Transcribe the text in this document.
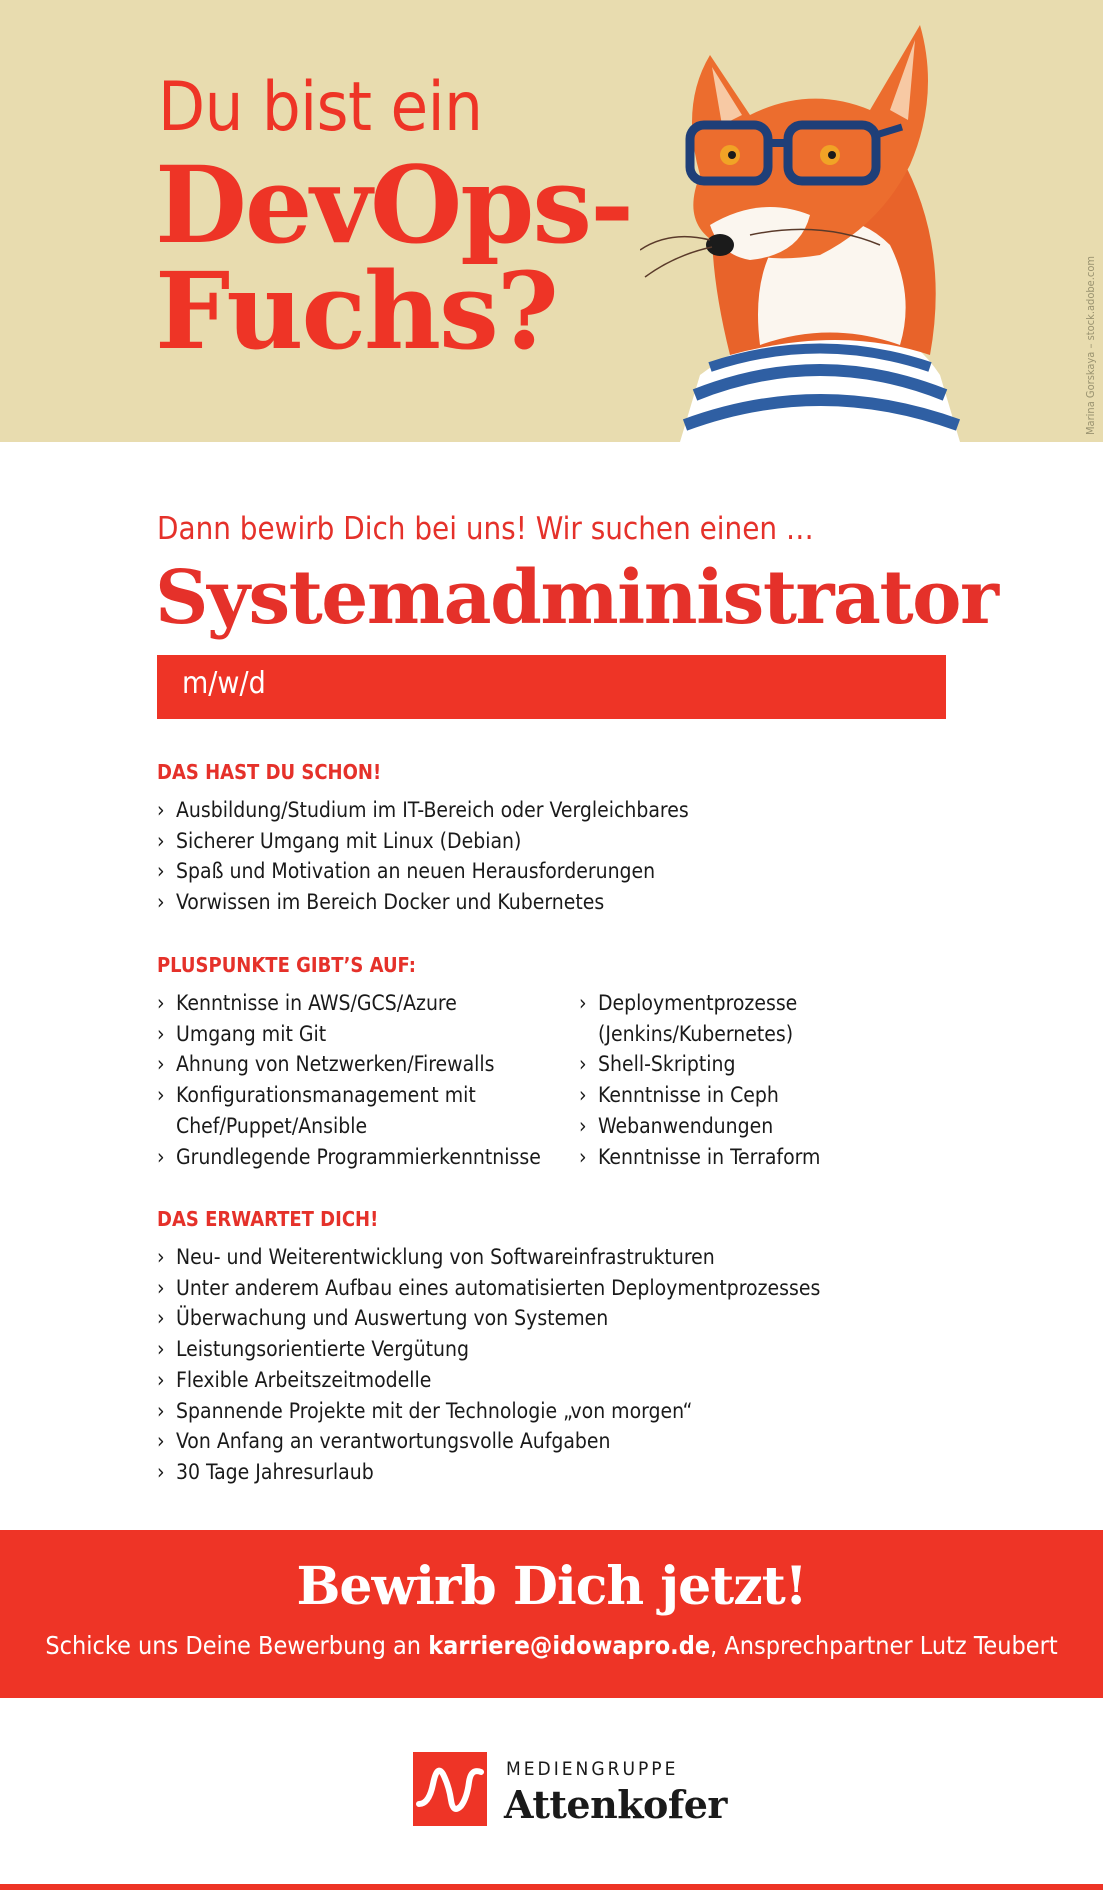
Du bist ein
DevOps-
Fuchs?	Marina Gorskaya – stock.adobe.com
Dann bewirb Dich bei uns! Wir suchen einen …
Systemadministrator
m/w/d
DAS HAST DU SCHON!
› Ausbildung/Studium im IT-Bereich oder Vergleichbares
› Sicherer Umgang mit Linux (Debian)
› Spaß und Motivation an neuen Herausforderungen
› Vorwissen im Bereich Docker und Kubernetes
PLUSPUNKTE GIBT’S AUF:
› Kenntnisse in AWS/GCS/Azure
› Umgang mit Git
› Ahnung von Netzwerken/Firewalls
› Konfigurationsmanagement mit Chef/Puppet/Ansible
› Grundlegende Programmierkenntnisse
› Deploymentprozesse (Jenkins/Kubernetes)
› Shell-Skripting
› Kenntnisse in Ceph
› Webanwendungen
› Kenntnisse in Terraform
DAS ERWARTET DICH!
› Neu- und Weiterentwicklung von Softwareinfrastrukturen
› Unter anderem Aufbau eines automatisierten Deploymentprozesses
› Überwachung und Auswertung von Systemen
› Leistungsorientierte Vergütung
› Flexible Arbeitszeitmodelle
› Spannende Projekte mit der Technologie „von morgen“
› Von Anfang an verantwortungsvolle Aufgaben
› 30 Tage Jahresurlaub
Bewirb Dich jetzt!
Schicke uns Deine Bewerbung an karriere@idowapro.de, Ansprechpartner Lutz Teubert
MEDIENGRUPPE
Attenkofer
